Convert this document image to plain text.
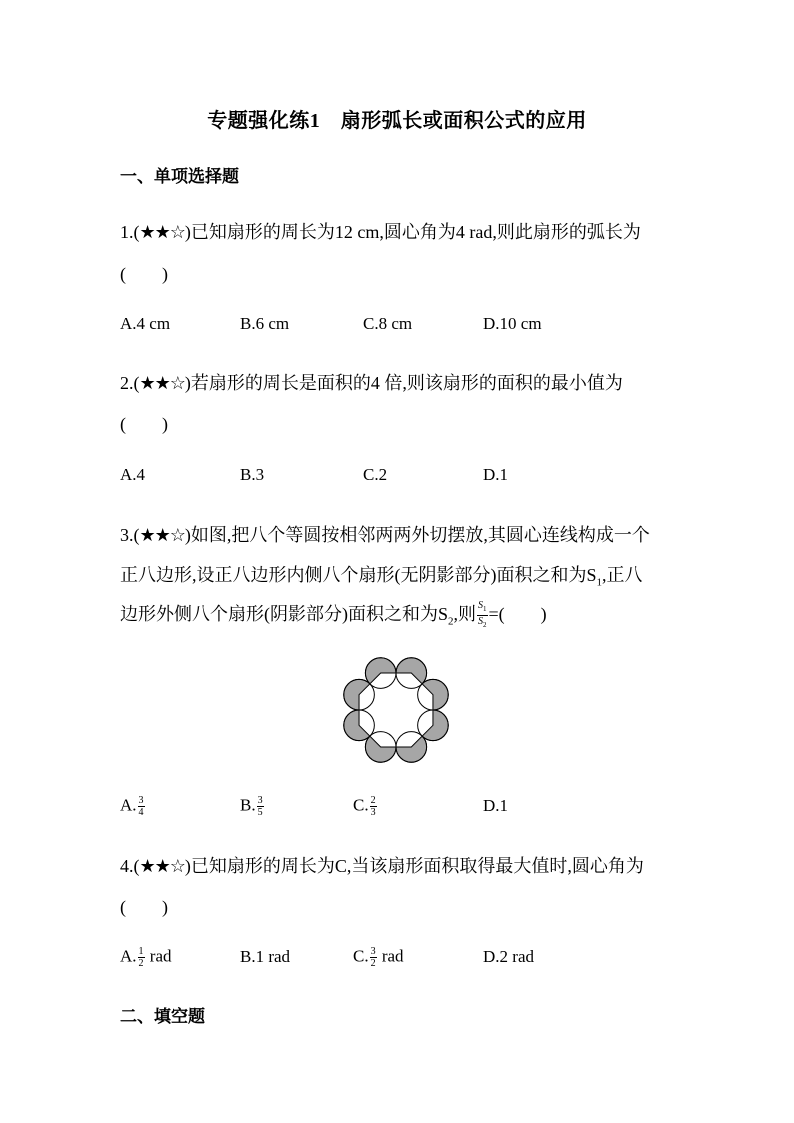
专题强化练1　扇形弧长或面积公式的应用
一、单项选择题
1.(★★☆)已知扇形的周长为12 cm,圆心角为4 rad,则此扇形的弧长为
(　　)
A.4 cm	B.6 cm	C.8 cm	D.10 cm
2.(★★☆)若扇形的周长是面积的4 倍,则该扇形的面积的最小值为
(　　)
A.4	B.3	C.2	D.1
3.(★★☆)如图,把八个等圆按相邻两两外切摆放,其圆心连线构成一个
正八边形,设正八边形内侧八个扇形(无阴影部分)面积之和为$S_1$,正八
边形外侧八个扇形(阴影部分)面积之和为$S_2$,则 $\frac{S_1}{S_2}$ =(　　)
A. $\frac{3}{4}$	B. $\frac{3}{5}$	C. $\frac{2}{3}$	D.1
4.(★★☆)已知扇形的周长为C,当该扇形面积取得最大值时,圆心角为
(　　)
A. $\frac{1}{2}$ rad	B.1 rad	C. $\frac{3}{2}$ rad	D.2 rad
二、填空题
